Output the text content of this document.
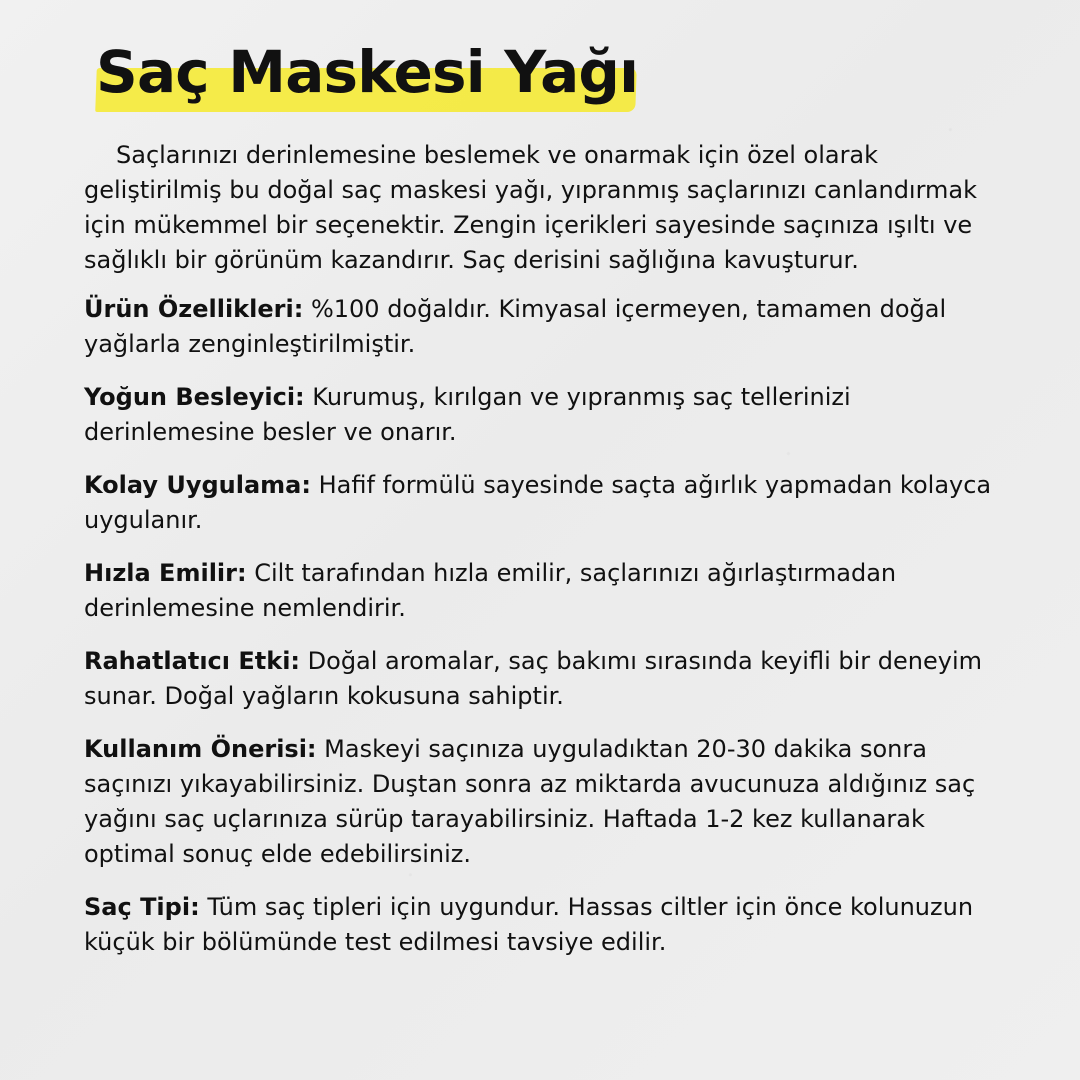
Saç Maskesi Yağı

Saçlarınızı derinlemesine beslemek ve onarmak için özel olarak geliştirilmiş bu doğal saç maskesi yağı, yıpranmış saçlarınızı canlandırmak için mükemmel bir seçenektir. Zengin içerikleri sayesinde saçınıza ışıltı ve sağlıklı bir görünüm kazandırır. Saç derisini sağlığına kavuşturur.

Ürün Özellikleri: %100 doğaldır. Kimyasal içermeyen, tamamen doğal yağlarla zenginleştirilmiştir.

Yoğun Besleyici: Kurumuş, kırılgan ve yıpranmış saç tellerinizi derinlemesine besler ve onarır.

Kolay Uygulama: Hafif formülü sayesinde saçta ağırlık yapmadan kolayca uygulanır.

Hızla Emilir: Cilt tarafından hızla emilir, saçlarınızı ağırlaştırmadan derinlemesine nemlendirir.

Rahatlatıcı Etki: Doğal aromalar, saç bakımı sırasında keyifli bir deneyim sunar. Doğal yağların kokusuna sahiptir.

Kullanım Önerisi: Maskeyi saçınıza uyguladıktan 20-30 dakika sonra saçınızı yıkayabilirsiniz. Duştan sonra az miktarda avucunuza aldığınız saç yağını saç uçlarınıza sürüp tarayabilirsiniz. Haftada 1-2 kez kullanarak optimal sonuç elde edebilirsiniz.

Saç Tipi: Tüm saç tipleri için uygundur. Hassas ciltler için önce kolunuzun küçük bir bölümünde test edilmesi tavsiye edilir.
